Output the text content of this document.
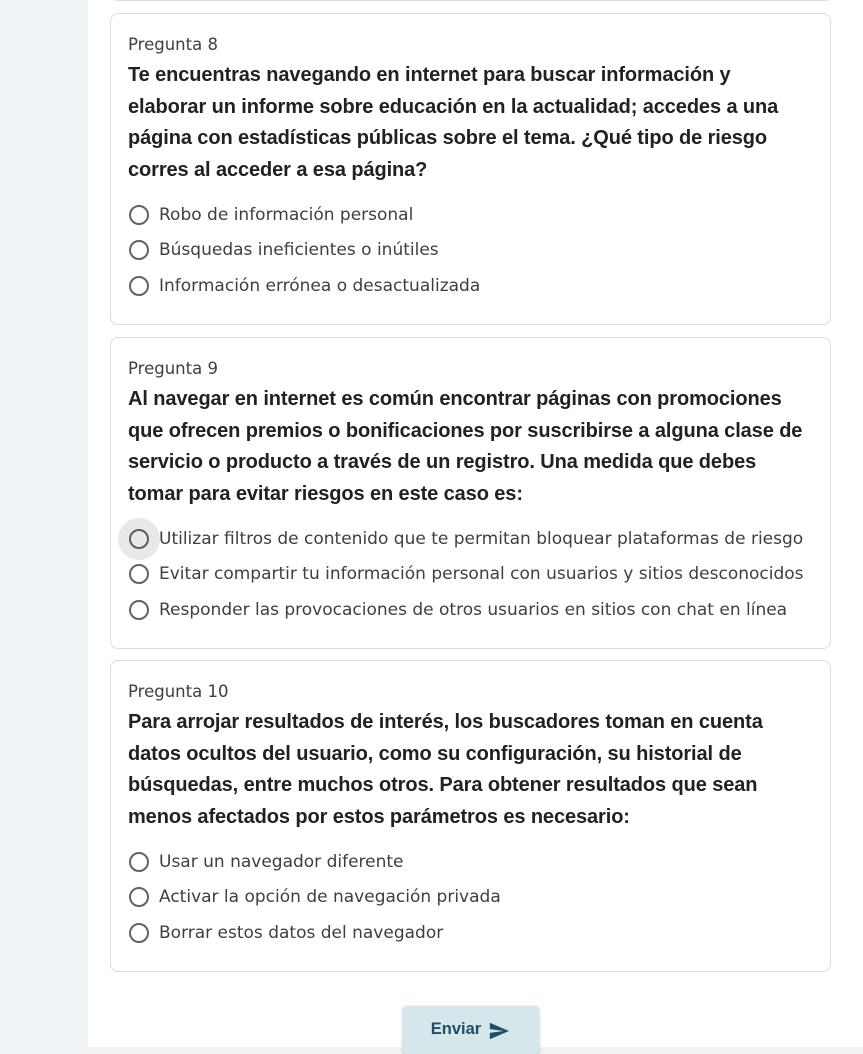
Pregunta 8

Te encuentras navegando en internet para buscar información y elaborar un informe sobre educación en la actualidad; accedes a una página con estadísticas públicas sobre el tema. ¿Qué tipo de riesgo corres al acceder a esa página?

Robo de información personal
Búsquedas ineficientes o inútiles
Información errónea o desactualizada

Pregunta 9

Al navegar en internet es común encontrar páginas con promociones que ofrecen premios o bonificaciones por suscribirse a alguna clase de servicio o producto a través de un registro. Una medida que debes tomar para evitar riesgos en este caso es:

Utilizar filtros de contenido que te permitan bloquear plataformas de riesgo
Evitar compartir tu información personal con usuarios y sitios desconocidos
Responder las provocaciones de otros usuarios en sitios con chat en línea

Pregunta 10

Para arrojar resultados de interés, los buscadores toman en cuenta datos ocultos del usuario, como su configuración, su historial de búsquedas, entre muchos otros. Para obtener resultados que sean menos afectados por estos parámetros es necesario:

Usar un navegador diferente
Activar la opción de navegación privada
Borrar estos datos del navegador
Enviar
